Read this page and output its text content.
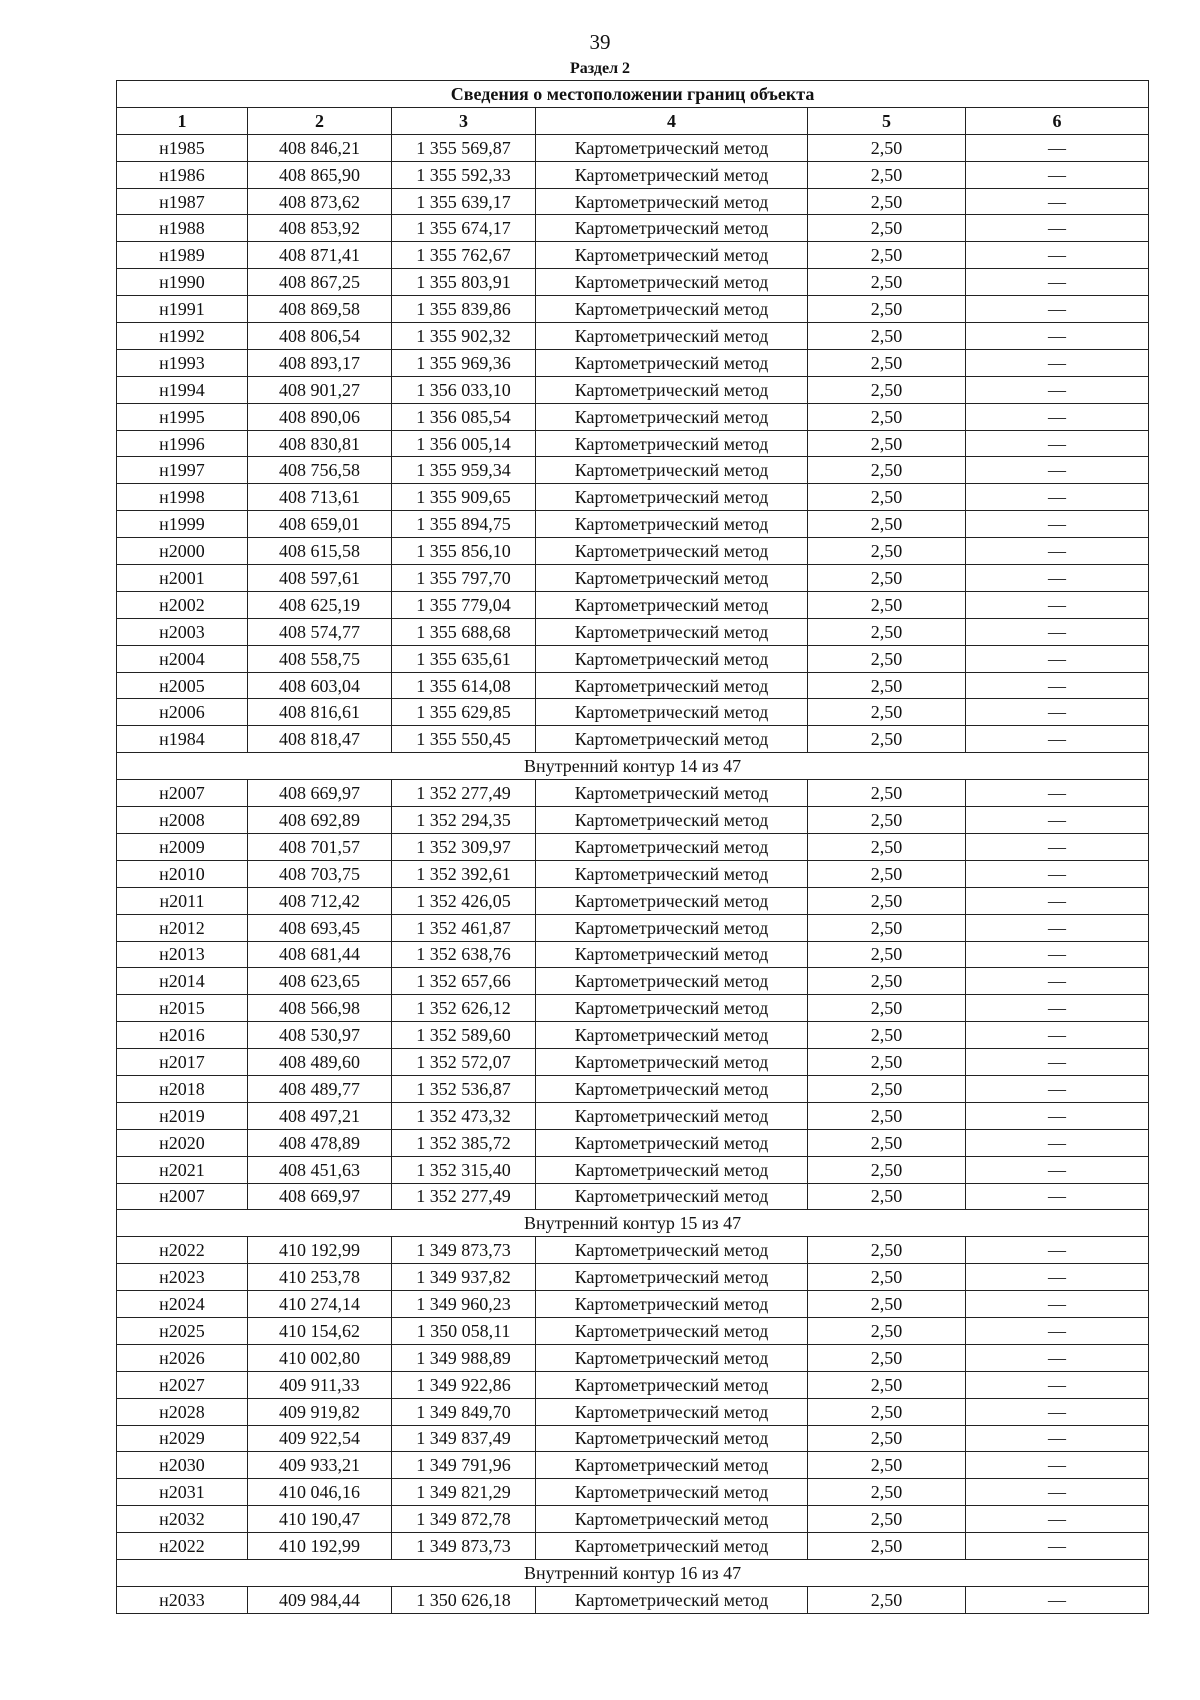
39
Раздел 2
Сведения о местоположении границ объекта					
1	2	3	4	5	6
н1985	408 846,21	1 355 569,87	Картометрический метод	2,50	—
н1986	408 865,90	1 355 592,33	Картометрический метод	2,50	—
н1987	408 873,62	1 355 639,17	Картометрический метод	2,50	—
н1988	408 853,92	1 355 674,17	Картометрический метод	2,50	—
н1989	408 871,41	1 355 762,67	Картометрический метод	2,50	—
н1990	408 867,25	1 355 803,91	Картометрический метод	2,50	—
н1991	408 869,58	1 355 839,86	Картометрический метод	2,50	—
н1992	408 806,54	1 355 902,32	Картометрический метод	2,50	—
н1993	408 893,17	1 355 969,36	Картометрический метод	2,50	—
н1994	408 901,27	1 356 033,10	Картометрический метод	2,50	—
н1995	408 890,06	1 356 085,54	Картометрический метод	2,50	—
н1996	408 830,81	1 356 005,14	Картометрический метод	2,50	—
н1997	408 756,58	1 355 959,34	Картометрический метод	2,50	—
н1998	408 713,61	1 355 909,65	Картометрический метод	2,50	—
н1999	408 659,01	1 355 894,75	Картометрический метод	2,50	—
н2000	408 615,58	1 355 856,10	Картометрический метод	2,50	—
н2001	408 597,61	1 355 797,70	Картометрический метод	2,50	—
н2002	408 625,19	1 355 779,04	Картометрический метод	2,50	—
н2003	408 574,77	1 355 688,68	Картометрический метод	2,50	—
н2004	408 558,75	1 355 635,61	Картометрический метод	2,50	—
н2005	408 603,04	1 355 614,08	Картометрический метод	2,50	—
н2006	408 816,61	1 355 629,85	Картометрический метод	2,50	—
н1984	408 818,47	1 355 550,45	Картометрический метод	2,50	—
Внутренний контур 14 из 47					
н2007	408 669,97	1 352 277,49	Картометрический метод	2,50	—
н2008	408 692,89	1 352 294,35	Картометрический метод	2,50	—
н2009	408 701,57	1 352 309,97	Картометрический метод	2,50	—
н2010	408 703,75	1 352 392,61	Картометрический метод	2,50	—
н2011	408 712,42	1 352 426,05	Картометрический метод	2,50	—
н2012	408 693,45	1 352 461,87	Картометрический метод	2,50	—
н2013	408 681,44	1 352 638,76	Картометрический метод	2,50	—
н2014	408 623,65	1 352 657,66	Картометрический метод	2,50	—
н2015	408 566,98	1 352 626,12	Картометрический метод	2,50	—
н2016	408 530,97	1 352 589,60	Картометрический метод	2,50	—
н2017	408 489,60	1 352 572,07	Картометрический метод	2,50	—
н2018	408 489,77	1 352 536,87	Картометрический метод	2,50	—
н2019	408 497,21	1 352 473,32	Картометрический метод	2,50	—
н2020	408 478,89	1 352 385,72	Картометрический метод	2,50	—
н2021	408 451,63	1 352 315,40	Картометрический метод	2,50	—
н2007	408 669,97	1 352 277,49	Картометрический метод	2,50	—
Внутренний контур 15 из 47					
н2022	410 192,99	1 349 873,73	Картометрический метод	2,50	—
н2023	410 253,78	1 349 937,82	Картометрический метод	2,50	—
н2024	410 274,14	1 349 960,23	Картометрический метод	2,50	—
н2025	410 154,62	1 350 058,11	Картометрический метод	2,50	—
н2026	410 002,80	1 349 988,89	Картометрический метод	2,50	—
н2027	409 911,33	1 349 922,86	Картометрический метод	2,50	—
н2028	409 919,82	1 349 849,70	Картометрический метод	2,50	—
н2029	409 922,54	1 349 837,49	Картометрический метод	2,50	—
н2030	409 933,21	1 349 791,96	Картометрический метод	2,50	—
н2031	410 046,16	1 349 821,29	Картометрический метод	2,50	—
н2032	410 190,47	1 349 872,78	Картометрический метод	2,50	—
н2022	410 192,99	1 349 873,73	Картометрический метод	2,50	—
Внутренний контур 16 из 47					
н2033	409 984,44	1 350 626,18	Картометрический метод	2,50	—
